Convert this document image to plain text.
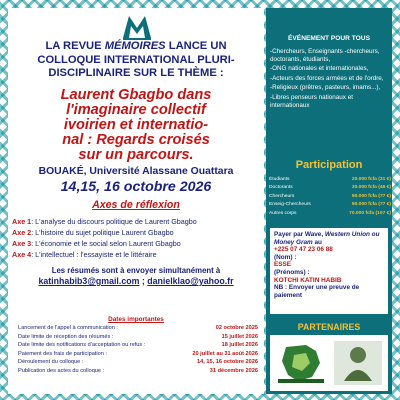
LA REVUE MÉMOIRES LANCE UN
COLLOQUE INTERNATIONAL PLURI-
DISCIPLINAIRE SUR LE THÈME :
Laurent Gbagbo dans
l'imaginaire collectif
ivoirien et internatio-
nal : Regards croisés
sur un parcours.
BOUAKÉ, Université Alassane Ouattara
14,15, 16 octobre 2026
Axes de réflexion
Axe 1: L'analyse du discours politique de Laurent Gbagbo
Axe 2: L'histoire du sujet politique Laurent Gbagbo
Axe 3: L'économie et le social selon Laurent Gbagbo
Axe 4: L'intellectuel : l'essayiste et le littéraire
Les résumés sont à envoyer simultanément à
katinhabib3@gmail.com ; danielklao@yahoo.fr
Dates importantes
Lancement de l'appel à communication :	02 octobre 2025
Date limite de réception des résumés :	15 juillet 2026
Date limite des notifications d'acceptation ou refus :	18 juillet 2026
Paiement des frais de participation :	20 juillet au 31 août 2026
Déroulement du colloque :	14, 15, 16 octobre 2026
Publication des actes du colloque :	31 décembre 2026
ÉVÉNEMENT POUR TOUS
-Chercheurs, Enseignants -chercheurs, doctorants, étudiants,
-ONG nationales et internationales,
-Acteurs des forces armées et de l'ordre,
-Religieux (prêtres, pasteurs, imams...),
-Libres penseurs nationaux et internationaux
Participation
Étudiants	20.000 fcfa (31 €)
Doctorants	30.000 fcfa (46 €)
Chercheurs	50.000 fcfa (77 €)
Enseig-Chercheurs	50.000 fcfa (77 €)
Autres corps	70.000 fcfa (107 €)
Payer par Wave, Western Union ou Money Gram au
+225 07 47 23 06 88
(Nom) :
ESSE
(Prénoms) :
KOTCHI KATIN HABIB
NB : Envoyer une preuve de paiement
PARTENAIRES
